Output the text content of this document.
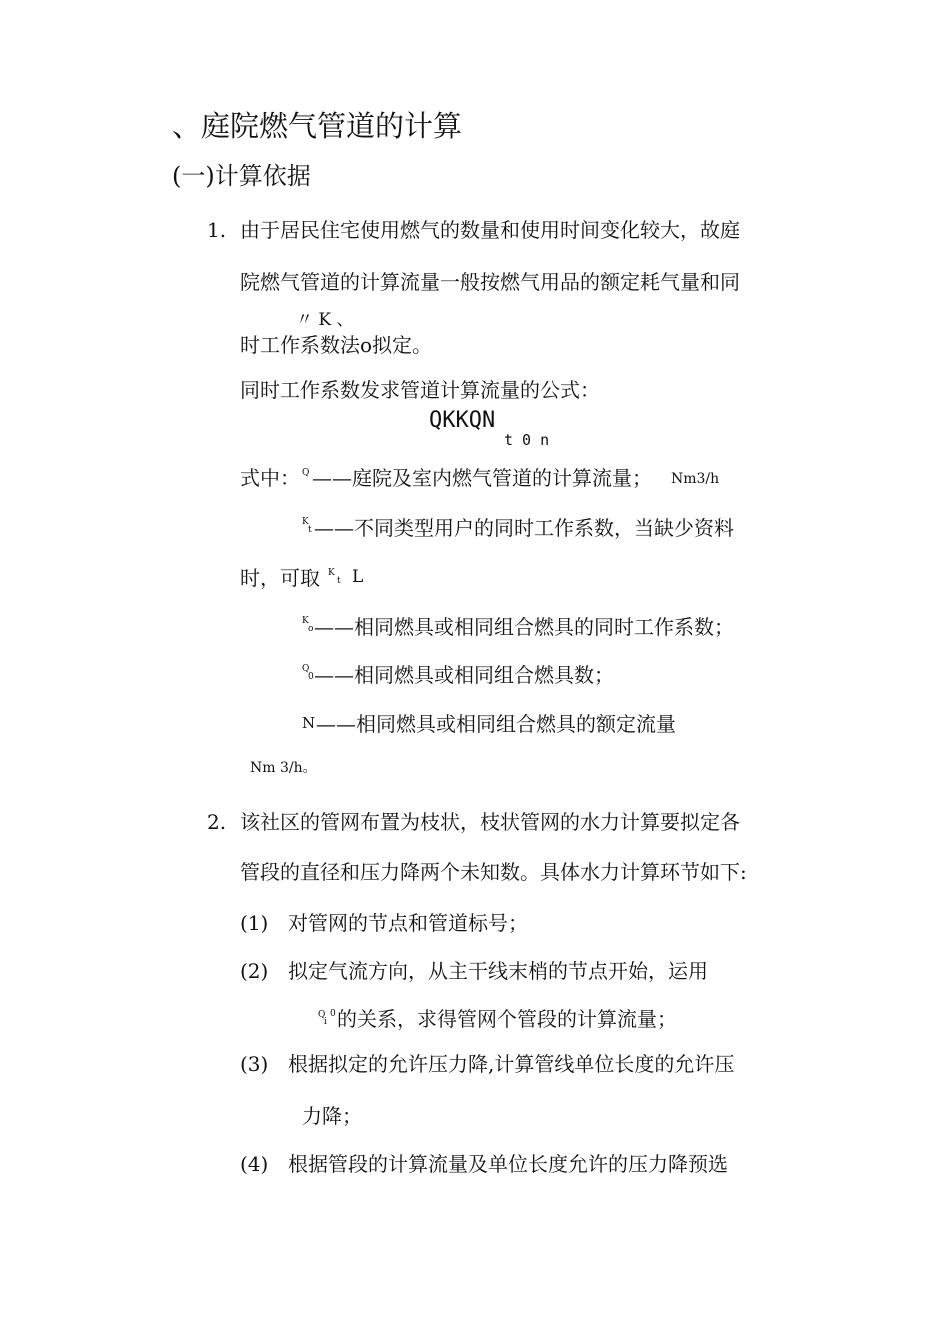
、庭院燃气管道的计算
(一)计算依据
1. 由于居民住宅使用燃气的数量和使用时间变化较大，故庭
院燃气管道的计算流量一般按燃气用品的额定耗气量和同
〃 K 、
时工作系数法o拟定。
同时工作系数发求管道计算流量的公式：
QKKQN
t 0 n
式中： Q ——庭院及室内燃气管道的计算流量； Nm3/h
K
t ——不同类型用户的同时工作系数，当缺少资料
时，可取 K
t L
K
o ——相同燃具或相同组合燃具的同时工作系数；
Q
0 ——相同燃具或相同组合燃具数；
N ——相同燃具或相同组合燃具的额定流量
Nm 3/h。
2. 该社区的管网布置为枝状，枝状管网的水力计算要拟定各
管段的直径和压力降两个未知数。具体水力计算环节如下:
(1) 对管网的节点和管道标号；
(2) 拟定气流方向，从主干线末梢的节点开始，运用
Q
i
0 的关系，求得管网个管段的计算流量；
(3) 根据拟定的允许压力降,计算管线单位长度的允许压
力降；
(4) 根据管段的计算流量及单位长度允许的压力降预选
